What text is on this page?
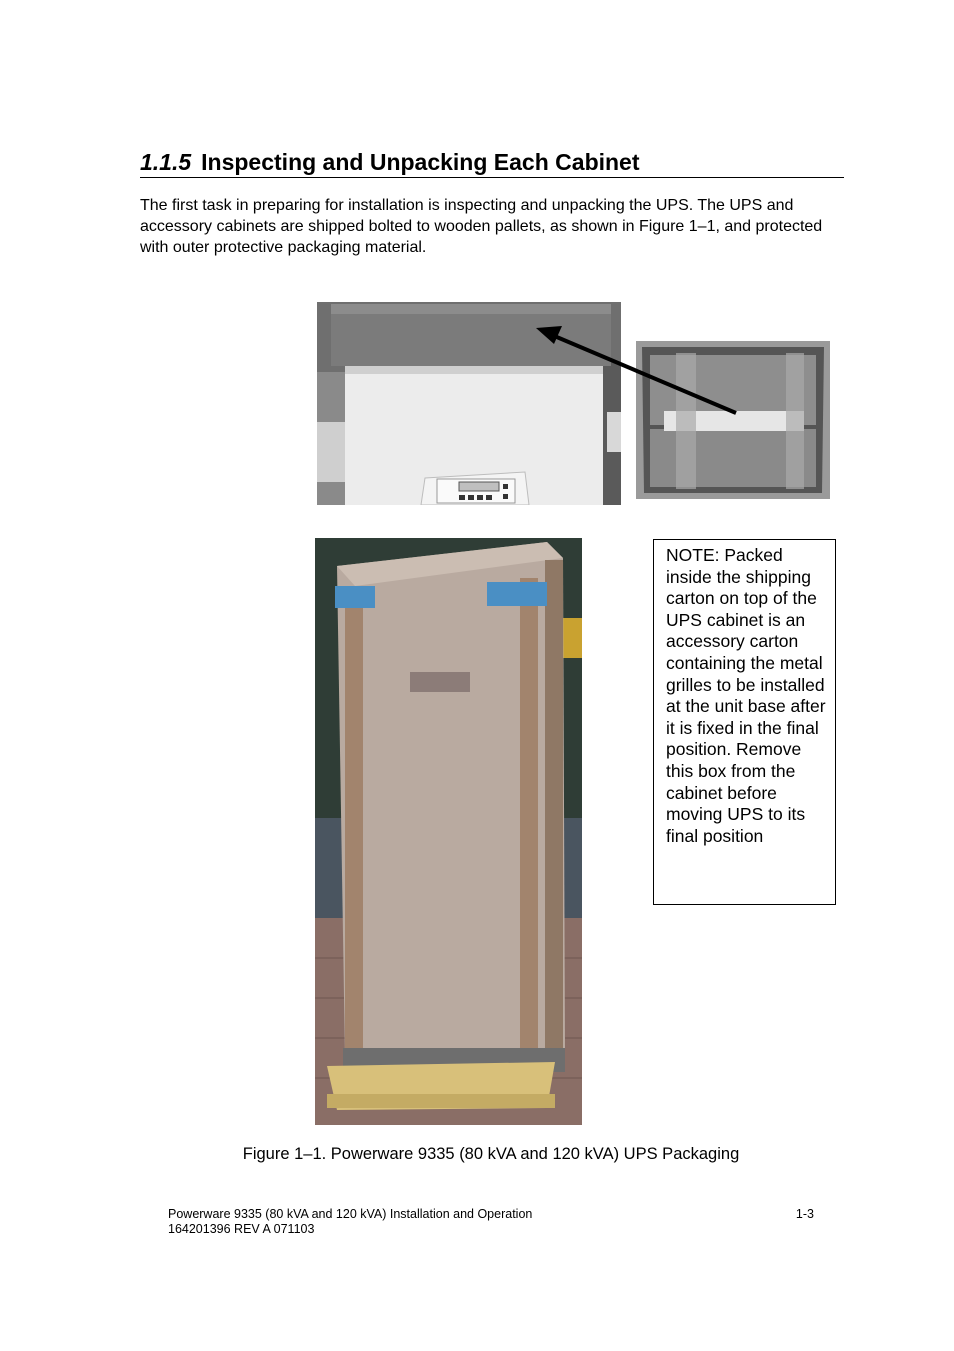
1.1.5 Inspecting and Unpacking Each Cabinet
The first task in preparing for installation is inspecting and unpacking the UPS. The UPS and accessory cabinets are shipped bolted to wooden pallets, as shown in Figure 1–1, and protected with outer protective packaging material.
NOTE: Packed inside the shipping carton on top of the UPS cabinet is an accessory carton containing the metal grilles to be installed at the unit base after it is fixed in the final position. Remove this box from the cabinet before moving UPS to its final position
Figure 1–1. Powerware 9335 (80 kVA and 120 kVA) UPS Packaging
Powerware 9335 (80 kVA and 120 kVA) Installation and Operation
164201396 REV A 071103
1-3
